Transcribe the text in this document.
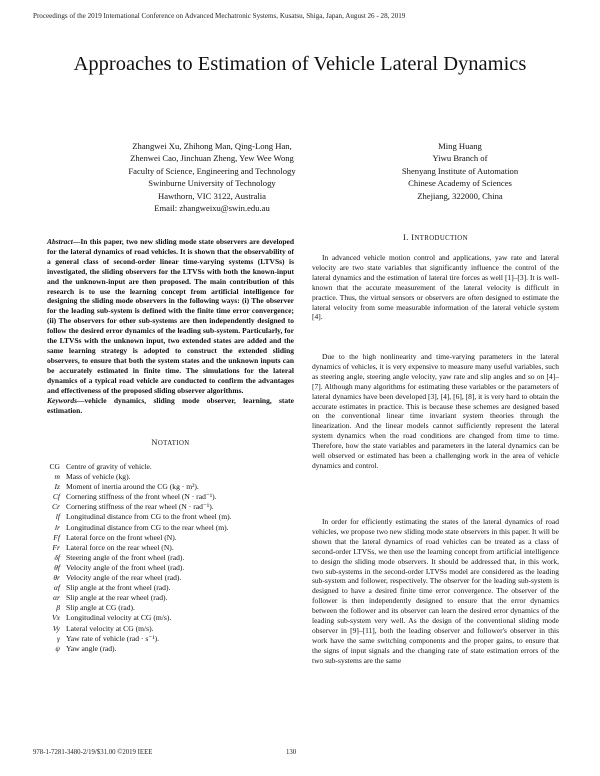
Proceedings of the 2019 International Conference on Advanced Mechatronic Systems, Kusatsu, Shiga, Japan, August 26 - 28, 2019
Approaches to Estimation of Vehicle Lateral Dynamics
Zhangwei Xu, Zhihong Man, Qing-Long Han,
Zhenwei Cao, Jinchuan Zheng, Yew Wee Wong
Faculty of Science, Engineering and Technology
Swinburne University of Technology
Hawthorn, VIC 3122, Australia
Email: zhangweixu@swin.edu.au
Ming Huang
Yiwu Branch of
Shenyang Institute of Automation
Chinese Academy of Sciences
Zhejiang, 322000, China
Abstract—In this paper, two new sliding mode state observers are developed for the lateral dynamics of road vehicles. It is shown that the observability of a general class of second-order linear time-varying systems (LTVSs) is investigated, the sliding observers for the LTVSs with both the known-input and the unknown-input are then proposed. The main contribution of this research is to use the learning concept from artificial intelligence for designing the sliding mode observers in the following ways: (i) The observer for the leading sub-system is defined with the finite time error convergence; (ii) The observers for other sub-systems are then independently designed to follow the desired error dynamics of the leading sub-system. Particularly, for the LTVSs with the unknown input, two extended states are added and the same learning strategy is adopted to construct the extended sliding observers, to ensure that both the system states and the unknown inputs can be accurately estimated in finite time. The simulations for the lateral dynamics of a typical road vehicle are conducted to confirm the advantages and effectiveness of the proposed sliding observer algorithms.
Keywords—vehicle dynamics, sliding mode observer, learning, state estimation.
NOTATION
CG Centre of gravity of vehicle.
m Mass of vehicle (kg).
Iz Moment of inertia around the CG (kg · m²).
Cf Cornering stiffness of the front wheel (N · rad⁻¹).
Cr Cornering stiffness of the rear wheel (N · rad⁻¹).
lf Longitudinal distance from CG to the front wheel (m).
lr Longitudinal distance from CG to the rear wheel (m).
Ff Lateral force on the front wheel (N).
Fr Lateral force on the rear wheel (N).
δf Steering angle of the front wheel (rad).
θf Velocity angle of the front wheel (rad).
θr Velocity angle of the rear wheel (rad).
αf Slip angle at the front wheel (rad).
αr Slip angle at the rear wheel (rad).
β Slip angle at CG (rad).
Vx Longitudinal velocity at CG (m/s).
Vy Lateral velocity at CG (m/s).
γ Yaw rate of vehicle (rad · s⁻¹).
ψ Yaw angle (rad).
I. INTRODUCTION
In advanced vehicle motion control and applications, yaw rate and lateral velocity are two state variables that significantly influence the control of the lateral dynamics and the estimation of lateral tire forces as well [1]–[3]. It is well-known that the accurate measurement of the lateral velocity is difficult in practice. Thus, the virtual sensors or observers are often designed to estimate the lateral velocity from some measurable information of the lateral vehicle system [4].
Due to the high nonlinearity and time-varying parameters in the lateral dynamics of vehicles, it is very expensive to measure many useful variables, such as steering angle, steering angle velocity, yaw rate and slip angles and so on [4]–[7]. Although many algorithms for estimating these variables or the parameters of lateral dynamics have been developed [3], [4], [6], [8], it is very hard to obtain the accurate estimates in practice. This is because these schemes are designed based on the conventional linear time invariant system theories through the linearization. And the linear models cannot sufficiently represent the lateral system dynamics when the road conditions are changed from time to time. Therefore, how the state variables and parameters in the lateral dynamics can be well observed or estimated has been a challenging work in the area of vehicle dynamics and control.
In order for efficiently estimating the states of the lateral dynamics of road vehicles, we propose two new sliding mode state observers in this paper. It will be shown that the lateral dynamics of road vehicles can be treated as a class of second-order LTVSs, we then use the learning concept from artificial intelligence to design the sliding mode observers. It should be addressed that, in this work, two sub-systems in the second-order LTVSs model are considered as the leading sub-system and follower, respectively. The observer for the leading sub-system is designed to have a desired finite time error convergence. The observer of the follower is then independently designed to ensure that the error dynamics between the follower and its observer can learn the desired error dynamics of the leading sub-system very well. As the design of the conventional sliding mode observer in [9]–[11], both the leading observer and follower's observer in this work have the same switching components and the proper gains, to ensure that the signs of input signals and the changing rate of state estimation errors of the two sub-systems are the same
978-1-7281-3480-2/19/$31.00 ©2019 IEEE	130
